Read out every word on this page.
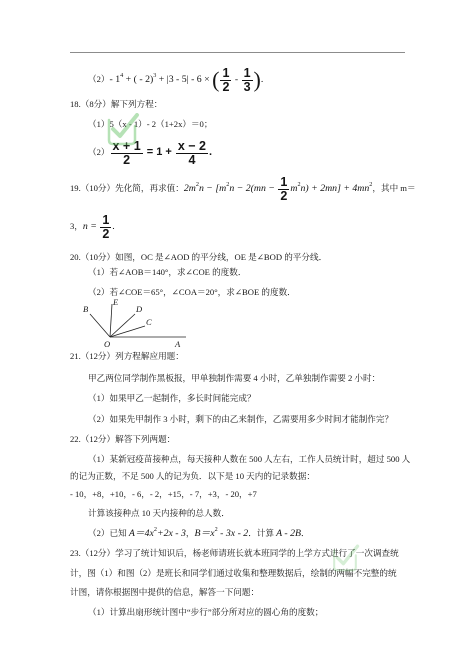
（2）- $1^4$ + ( - 2)$^3$ + |3 - 5| - 6 × ( $\frac{1}{2} - \frac{1}{3}$ ).
18.（8分）解下列方程：
（1）5（x - 1）- 2（1+2x）＝0；
$(2) \frac{x + 1}{2} = 1 + \frac{x - 2}{4}$ .
19.（10分）先化简，再求值：$2m^2n - [m^2n - 2(mn - \frac{1}{2} m^2n) + 2mn] + 4mn^2$，其中 m＝
3，$n = \frac{1}{2}$ .
20.（10分）如图，OC 是∠AOD 的平分线，OE 是∠BOD 的平分线．
（1）若∠AOB＝140°，求∠COE 的度数．
（2）若∠COE＝65°，∠COA＝20°，求∠BOE 的度数．
B
E
D
C
O	A
21.（12分）列方程解应用题：
甲乙两位同学制作黑板报，甲单独制作需要 4 小时，乙单独制作需要 2 小时：
（1）如果甲乙一起制作，多长时间能完成？
（2）如果先甲制作 3 小时，剩下的由乙来制作，乙需要用多少时间才能制作完？
22.（12分）解答下列两题：
（1）某新冠疫苗接种点，每天接种人数在 500 人左右，工作人员统计时，超过 500 人
的记为正数，不足 500 人的记为负．以下是 10 天内的记录数据：
- 10，+8，+10，- 6，- 2，+15，- 7，+3，- 20，+7
计算该接种点 10 天内接种的总人数．
（2）已知 $A=4x^2+2x - 3$，$B=x^2 - 3x - 2$．计算 A - 2B．
23.（12分）学习了统计知识后，杨老师请班长就本班同学的上学方式进行了一次调查统
计，图（1）和图（2）是班长和同学们通过收集和整理数据后，绘制的两幅不完整的统
计图，请你根据图中提供的信息，解答一下问题：
（1）计算出扇形统计图中“步行”部分所对应的圆心角的度数；
